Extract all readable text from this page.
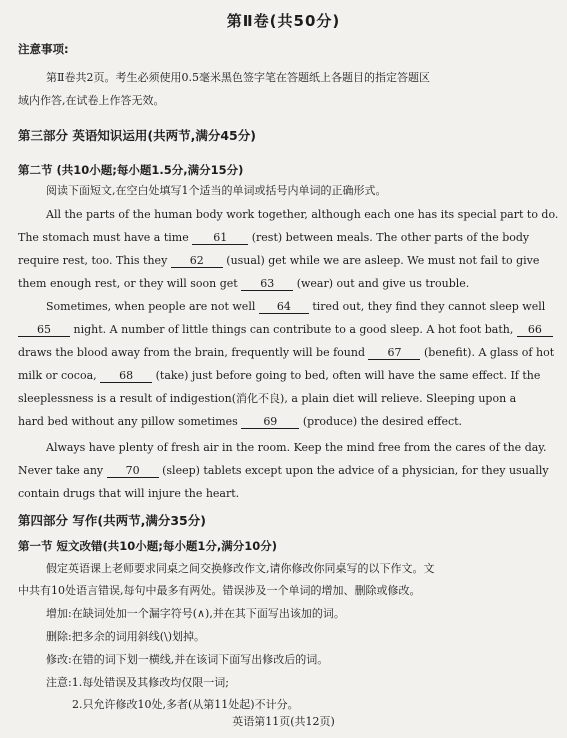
第Ⅱ卷(共50分)
注意事项:
第Ⅱ卷共2页。考生必须使用0.5毫米黑色签字笔在答题纸上各题目的指定答题区
域内作答,在试卷上作答无效。
第三部分 英语知识运用(共两节,满分45分)
第二节 (共10小题;每小题1.5分,满分15分)
阅读下面短文,在空白处填写1个适当的单词或括号内单词的正确形式。
All the parts of the human body work together, although each one has its special part to do.
The stomach must have a time 61 (rest) between meals. The other parts of the body
require rest, too. This they 62 (usual) get while we are asleep. We must not fail to give
them enough rest, or they will soon get 63 (wear) out and give us trouble.
Sometimes, when people are not well 64 tired out, they find they cannot sleep well
65 night. A number of little things can contribute to a good sleep. A hot foot bath, 66
draws the blood away from the brain, frequently will be found 67 (benefit). A glass of hot
milk or cocoa, 68 (take) just before going to bed, often will have the same effect. If the
sleeplessness is a result of indigestion(消化不良), a plain diet will relieve. Sleeping upon a
hard bed without any pillow sometimes 69 (produce) the desired effect.
Always have plenty of fresh air in the room. Keep the mind free from the cares of the day.
Never take any 70 (sleep) tablets except upon the advice of a physician, for they usually
第四部分 写作(共两节,满分35分)
contain drugs that will injure the heart.
第一节 短文改错(共10小题;每小题1分,满分10分)
假定英语课上老师要求同桌之间交换修改作文,请你修改你同桌写的以下作文。文
中共有10处语言错误,每句中最多有两处。错误涉及一个单词的增加、删除或修改。
增加:在缺词处加一个漏字符号(∧),并在其下面写出该加的词。
删除:把多余的词用斜线(\)划掉。
修改:在错的词下划一横线,并在该词下面写出修改后的词。
注意:1.每处错误及其修改均仅限一词;
2.只允许修改10处,多者(从第11处起)不计分。
英语第11页(共12页)
